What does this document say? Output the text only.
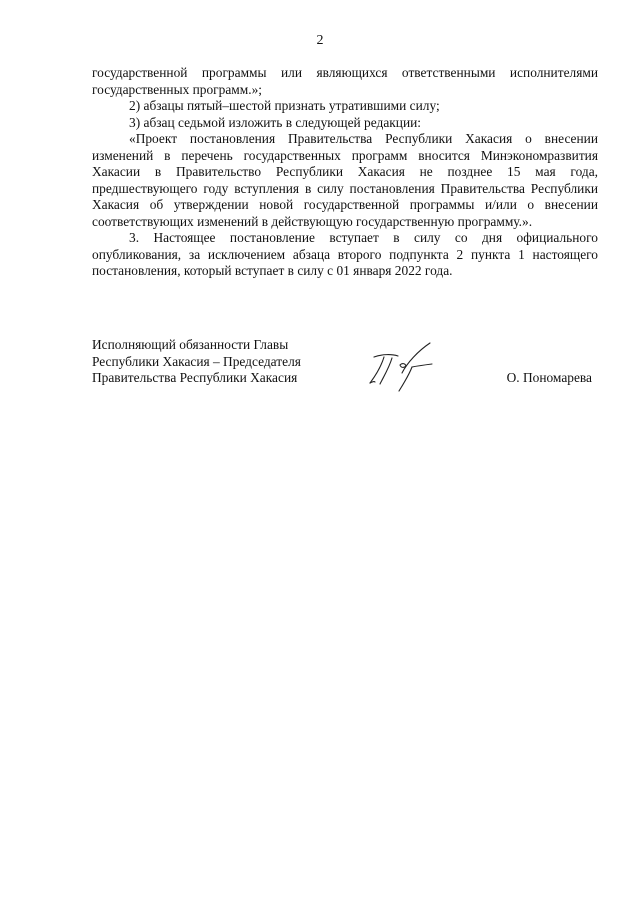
2

государственной программы или являющихся ответственными исполнителями государственных программ.»;

2) абзацы пятый–шестой признать утратившими силу;

3) абзац седьмой изложить в следующей редакции:

«Проект постановления Правительства Республики Хакасия о внесении изменений в перечень государственных программ вносится Минэкономразвития Хакасии в Правительство Республики Хакасия не позднее 15 мая года, предшествующего году вступления в силу постановления Правительства Республики Хакасия об утверждении новой государственной программы и/или о внесении соответствующих изменений в действующую государственную программу.».

3. Настоящее постановление вступает в силу со дня официального опубликования, за исключением абзаца второго подпункта 2 пункта 1 настоящего постановления, который вступает в силу с 01 января 2022 года.

Исполняющий обязанности Главы
Республики Хакасия – Председателя
Правительства Республики Хакасия	О. Пономарева
